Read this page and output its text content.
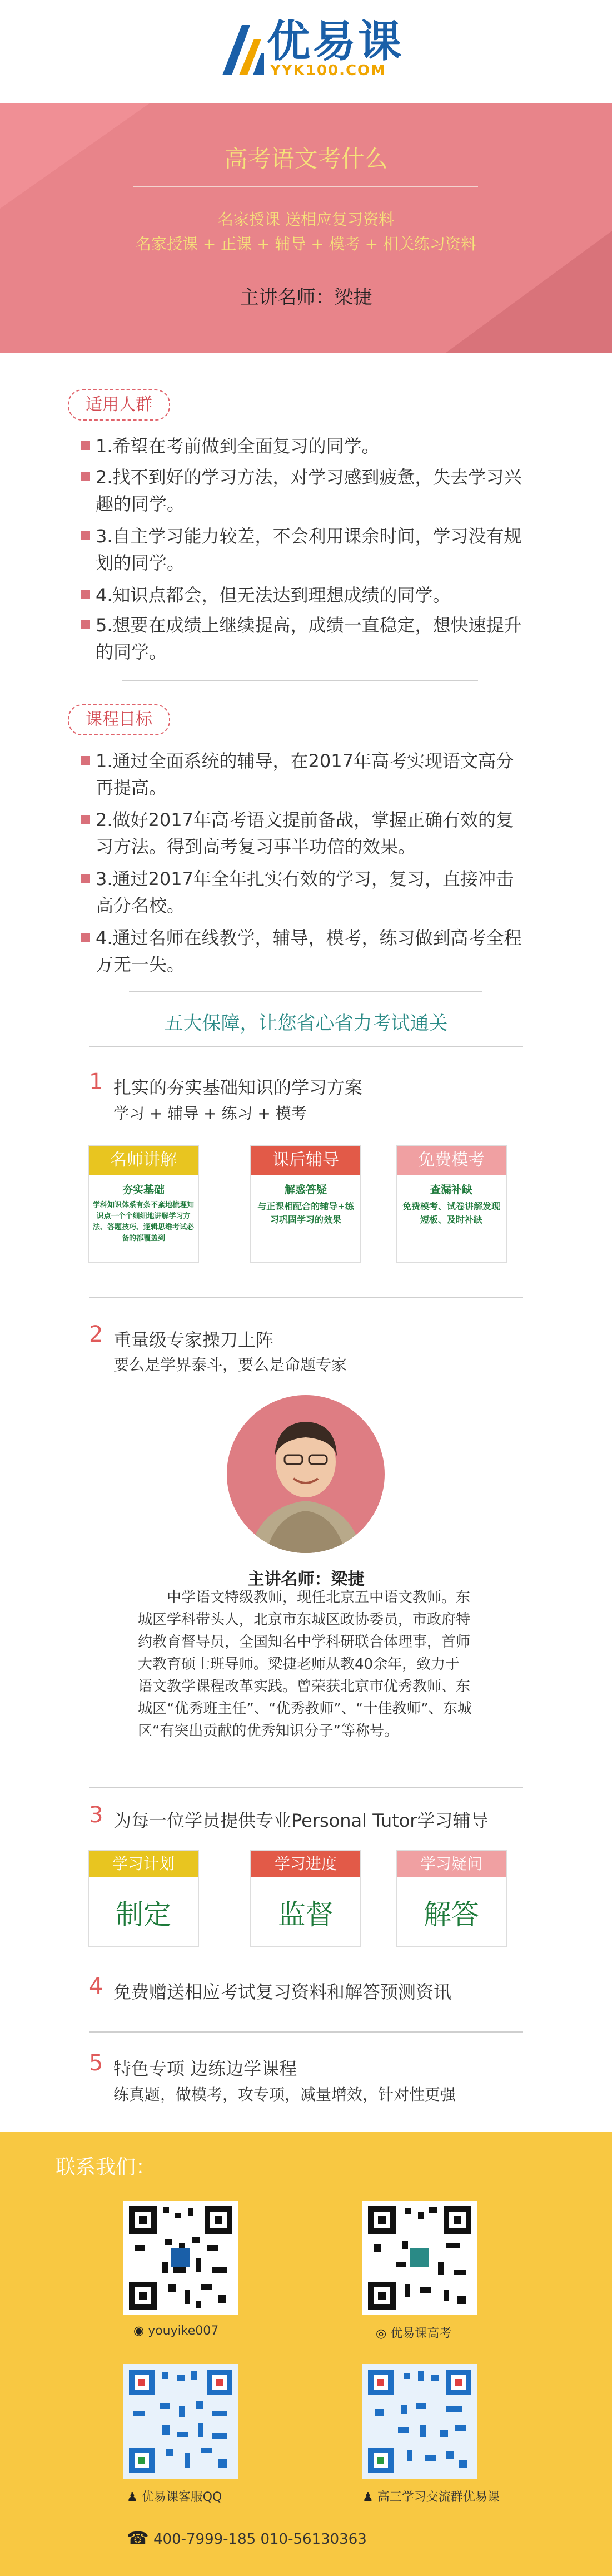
优易课
YYK100.COM
高考语文考什么
名家授课 送相应复习资料
名家授课 + 正课 + 辅导 + 模考 + 相关练习资料
主讲名师：梁捷
适用人群
1.希望在考前做到全面复习的同学。
2.找不到好的学习方法，对学习感到疲惫，失去学习兴趣的同学。
3.自主学习能力较差，不会利用课余时间，学习没有规划的同学。
4.知识点都会，但无法达到理想成绩的同学。
5.想要在成绩上继续提高，成绩一直稳定，想快速提升的同学。
课程目标
1.通过全面系统的辅导，在2017年高考实现语文高分再提高。
2.做好2017年高考语文提前备战，掌握正确有效的复习方法。得到高考复习事半功倍的效果。
3.通过2017年全年扎实有效的学习，复习，直接冲击高分名校。
4.通过名师在线教学，辅导，模考，练习做到高考全程万无一失。
五大保障，让您省心省力考试通关
1 扎实的夯实基础知识的学习方案
学习 + 辅导 + 练习 + 模考
名师讲解
夯实基础
学科知识体系有条不紊地梳理知识点一个个细细地讲解学习方法、答题技巧、逻辑思维考试必备的都覆盖到
课后辅导
解惑答疑
与正课相配合的辅导+练习巩固学习的效果
免费模考
查漏补缺
免费模考、试卷讲解发现短板、及时补缺
2 重量级专家操刀上阵
要么是学界泰斗，要么是命题专家
主讲名师：梁捷
中学语文特级教师，现任北京五中语文教师。东城区学科带头人，北京市东城区政协委员，市政府特约教育督导员，全国知名中学科研联合体理事，首师大教育硕士班导师。梁捷老师从教40余年，致力于语文教学课程改革实践。曾荣获北京市优秀教师、东城区“优秀班主任”、“优秀教师”、“十佳教师”、东城区“有突出贡献的优秀知识分子”等称号。
3 为每一位学员提供专业Personal Tutor学习辅导
学习计划
制定
学习进度
监督
学习疑问
解答
4 免费赠送相应考试复习资料和解答预测资讯
5 特色专项 边练边学课程
练真题，做模考，攻专项，减量增效，针对性更强
联系我们：
◉ youyike007	◎ 优易课高考
♟ 优易课客服QQ	♟ 高三学习交流群优易课
☎ 400-7999-185 010-56130363
